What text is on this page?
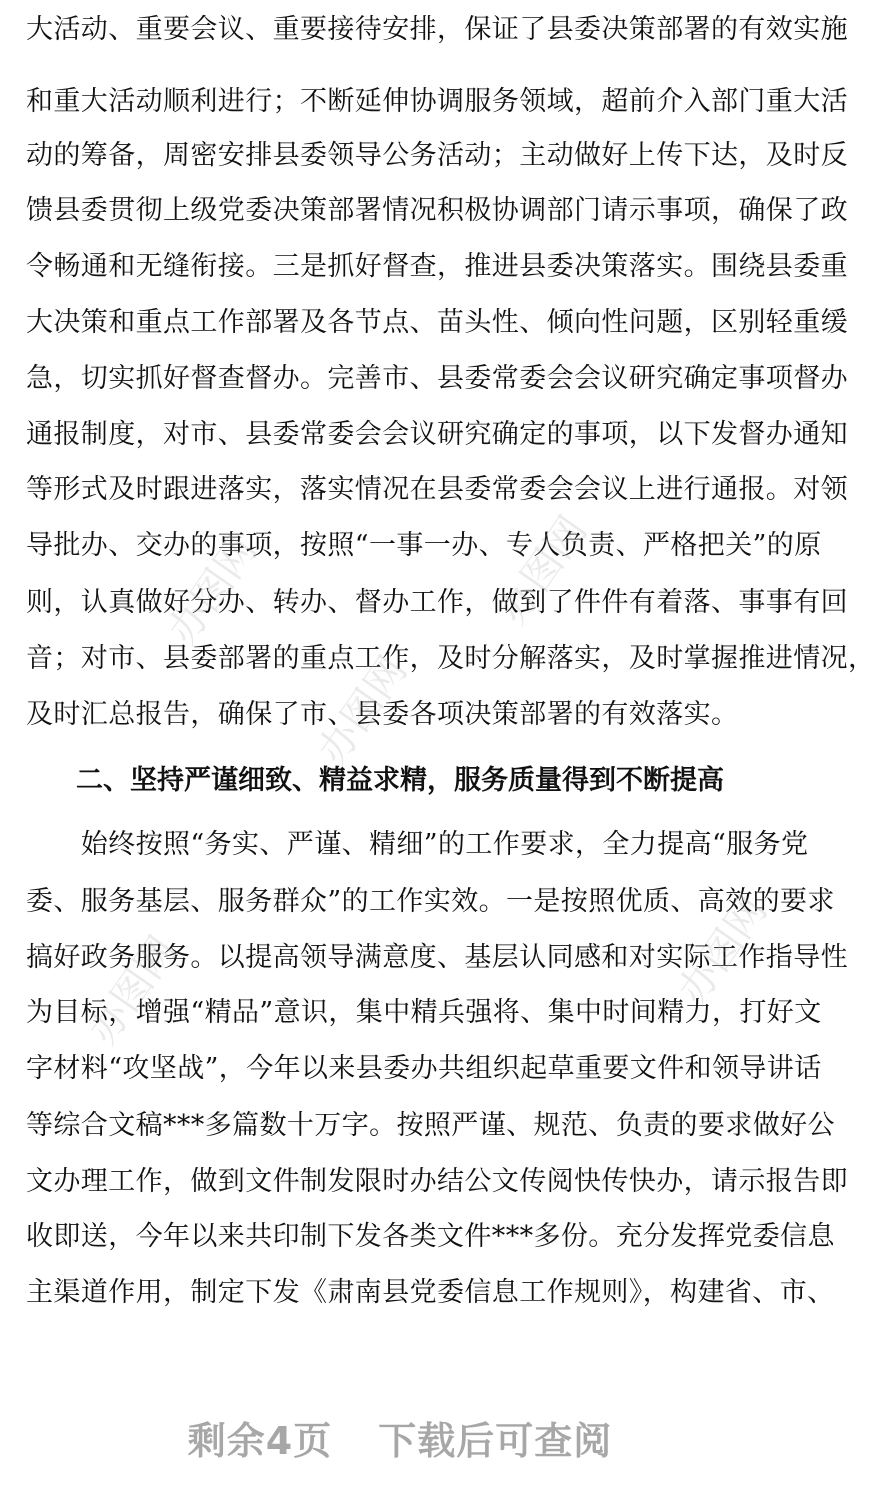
大活动、重要会议、重要接待安排，保证了县委决策部署的有效实施
和重大活动顺利进行；不断延伸协调服务领域，超前介入部门重大活
动的筹备，周密安排县委领导公务活动；主动做好上传下达，及时反
馈县委贯彻上级党委决策部署情况积极协调部门请示事项，确保了政
令畅通和无缝衔接。三是抓好督查，推进县委决策落实。围绕县委重
大决策和重点工作部署及各节点、苗头性、倾向性问题，区别轻重缓
急，切实抓好督查督办。完善市、县委常委会会议研究确定事项督办
通报制度，对市、县委常委会会议研究确定的事项，以下发督办通知
等形式及时跟进落实，落实情况在县委常委会会议上进行通报。对领
导批办、交办的事项，按照“一事一办、专人负责、严格把关”的原
则，认真做好分办、转办、督办工作，做到了件件有着落、事事有回
音；对市、县委部署的重点工作，及时分解落实，及时掌握推进情况，
及时汇总报告，确保了市、县委各项决策部署的有效落实。
二、坚持严谨细致、精益求精，服务质量得到不断提高
　　始终按照“务实、严谨、精细”的工作要求，全力提高“服务党
委、服务基层、服务群众”的工作实效。一是按照优质、高效的要求
搞好政务服务。以提高领导满意度、基层认同感和对实际工作指导性
为目标，增强“精品”意识，集中精兵强将、集中时间精力，打好文
字材料“攻坚战”，今年以来县委办共组织起草重要文件和领导讲话
等综合文稿***多篇数十万字。按照严谨、规范、负责的要求做好公
文办理工作，做到文件制发限时办结公文传阅快传快办，请示报告即
收即送，今年以来共印制下发各类文件***多份。充分发挥党委信息
主渠道作用，制定下发《肃南县党委信息工作规则》，构建省、市、
办图网
办图网
办图网
办图网	办图网
剩余4页 下载后可查阅
